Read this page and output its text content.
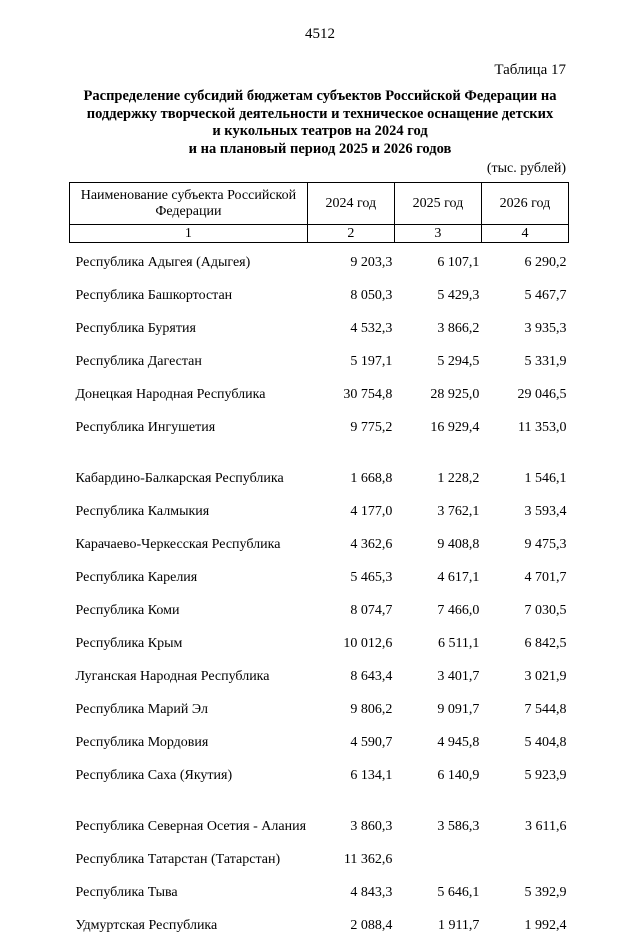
4512
Таблица 17
Распределение субсидий бюджетам субъектов Российской Федерации на
поддержку творческой деятельности и техническое оснащение детских
и кукольных театров на 2024 год
и на плановый период 2025 и 2026 годов
(тыс. рублей)
Наименование субъекта Российской Федерации	2024 год	2025 год	2026 год
1	2	3	4
Республика Адыгея (Адыгея)	9 203,3	6 107,1	6 290,2
Республика Башкортостан	8 050,3	5 429,3	5 467,7
Республика Бурятия	4 532,3	3 866,2	3 935,3
Республика Дагестан	5 197,1	5 294,5	5 331,9
Донецкая Народная Республика	30 754,8	28 925,0	29 046,5
Республика Ингушетия	9 775,2	16 929,4	11 353,0
Кабардино-Балкарская Республика	1 668,8	1 228,2	1 546,1
Республика Калмыкия	4 177,0	3 762,1	3 593,4
Карачаево-Черкесская Республика	4 362,6	9 408,8	9 475,3
Республика Карелия	5 465,3	4 617,1	4 701,7
Республика Коми	8 074,7	7 466,0	7 030,5
Республика Крым	10 012,6	6 511,1	6 842,5
Луганская Народная Республика	8 643,4	3 401,7	3 021,9
Республика Марий Эл	9 806,2	9 091,7	7 544,8
Республика Мордовия	4 590,7	4 945,8	5 404,8
Республика Саха (Якутия)	6 134,1	6 140,9	5 923,9
Республика Северная Осетия - Алания	3 860,3	3 586,3	3 611,6
Республика Татарстан (Татарстан)	11 362,6		
Республика Тыва	4 843,3	5 646,1	5 392,9
Удмуртская Республика	2 088,4	1 911,7	1 992,4
